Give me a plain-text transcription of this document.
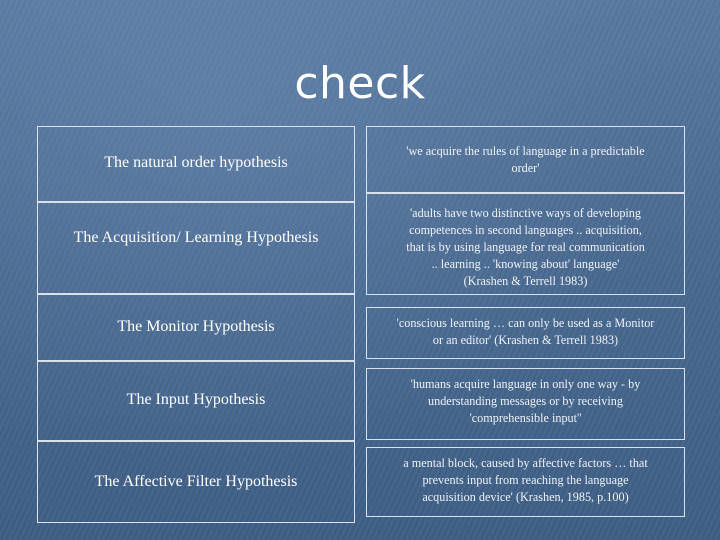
check
The natural order hypothesis
The Acquisition/ Learning Hypothesis
The Monitor Hypothesis
The Input Hypothesis
The Affective Filter Hypothesis
'we acquire the rules of language in a predictable
order'
'adults have two distinctive ways of developing
competences in second languages .. acquisition,
that is by using language for real communication
.. learning .. 'knowing about' language'
(Krashen & Terrell 1983)
'conscious learning … can only be used as a Monitor
or an editor' (Krashen & Terrell 1983)
'humans acquire language in only one way - by
understanding messages or by receiving
'comprehensible input''
a mental block, caused by affective factors … that
prevents input from reaching the language
acquisition device' (Krashen, 1985, p.100)
